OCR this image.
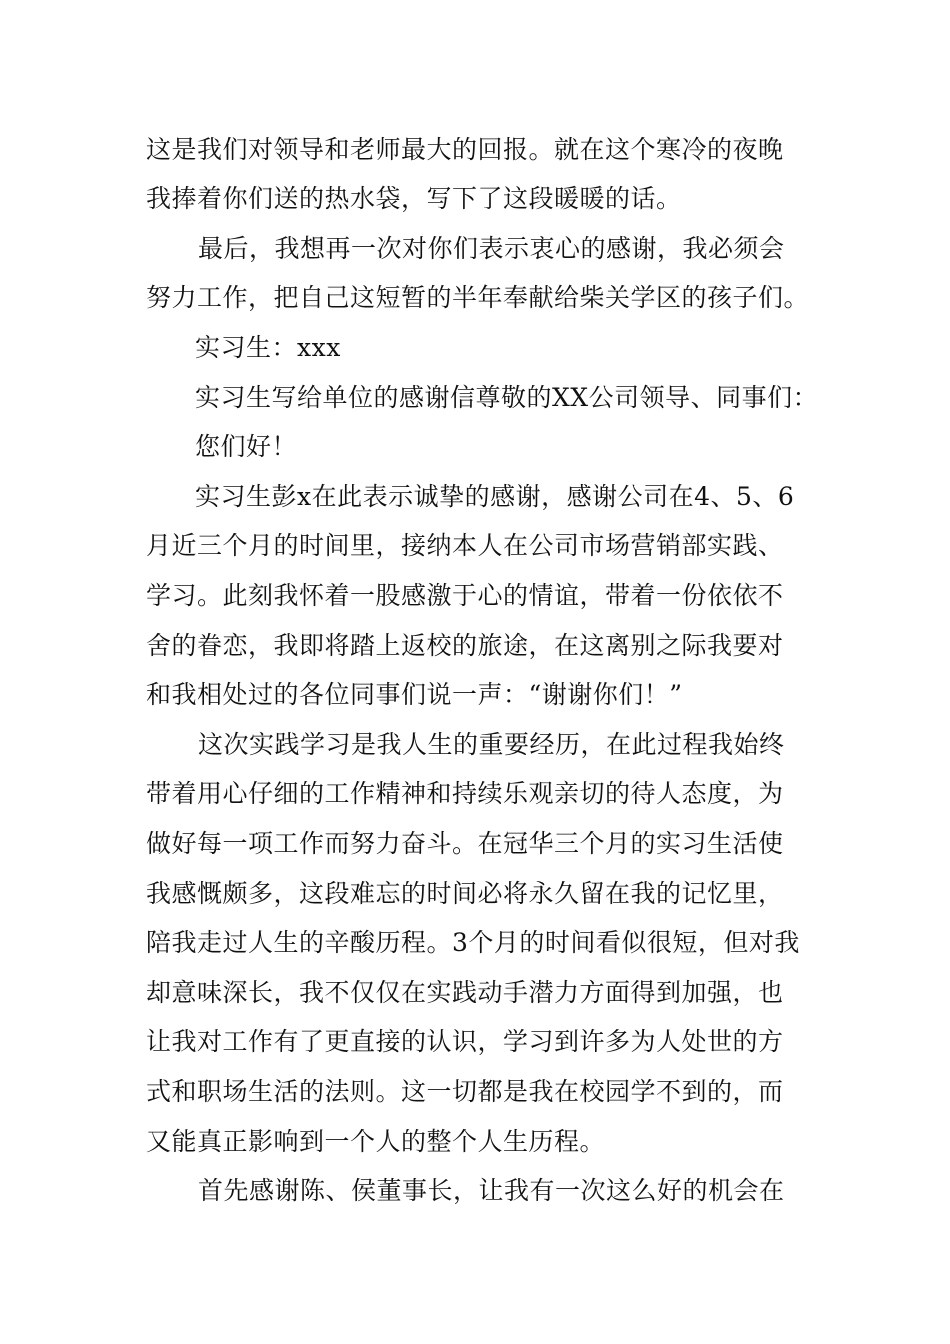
这是我们对领导和老师最大的回报。就在这个寒冷的夜晚
我捧着你们送的热水袋，写下了这段暖暖的话。
最后，我想再一次对你们表示衷心的感谢，我必须会
努力工作，把自己这短暂的半年奉献给柴关学区的孩子们。
实习生：xxx
实习生写给单位的感谢信尊敬的XX公司领导、同事们：
您们好！
实习生彭x在此表示诚挚的感谢，感谢公司在4、5、6
月近三个月的时间里，接纳本人在公司市场营销部实践、
学习。此刻我怀着一股感激于心的情谊，带着一份依依不
舍的眷恋，我即将踏上返校的旅途，在这离别之际我要对
和我相处过的各位同事们说一声：“谢谢你们！”
这次实践学习是我人生的重要经历，在此过程我始终
带着用心仔细的工作精神和持续乐观亲切的待人态度，为
做好每一项工作而努力奋斗。在冠华三个月的实习生活使
我感慨颇多，这段难忘的时间必将永久留在我的记忆里，
陪我走过人生的辛酸历程。3个月的时间看似很短，但对我
却意味深长，我不仅仅在实践动手潜力方面得到加强，也
让我对工作有了更直接的认识，学习到许多为人处世的方
式和职场生活的法则。这一切都是我在校园学不到的，而
又能真正影响到一个人的整个人生历程。
首先感谢陈、侯董事长，让我有一次这么好的机会在
